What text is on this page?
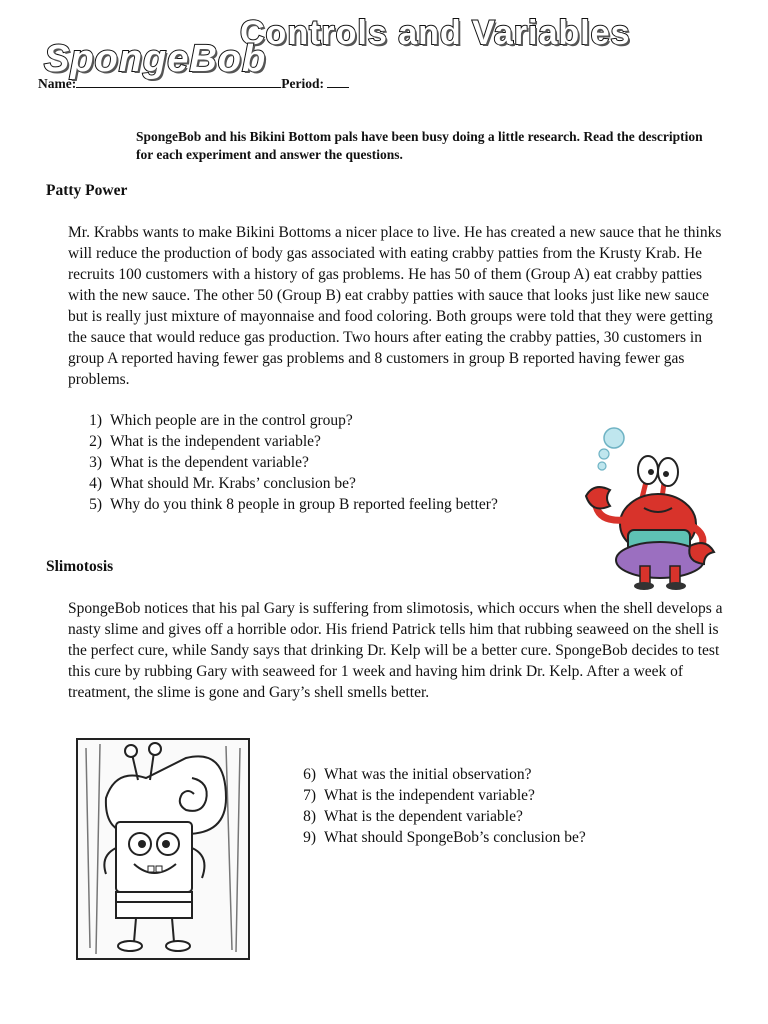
Controls and Variables
SpongeBob
Name:	Period:
SpongeBob and his Bikini Bottom pals have been busy doing a little research. Read the description for each experiment and answer the questions.
Patty Power
Mr. Krabbs wants to make Bikini Bottoms a nicer place to live. He has created a new sauce that he thinks will reduce the production of body gas associated with eating crabby patties from the Krusty Krab. He recruits 100 customers with a history of gas problems. He has 50 of them (Group A) eat crabby patties with the new sauce. The other 50 (Group B) eat crabby patties with sauce that looks just like new sauce but is really just mixture of mayonnaise and food coloring. Both groups were told that they were getting the sauce that would reduce gas production. Two hours after eating the crabby patties, 30 customers in group A reported having fewer gas problems and 8 customers in group B reported having fewer gas problems.
1) Which people are in the control group?
2) What is the independent variable?
3) What is the dependent variable?
4) What should Mr. Krabs’ conclusion be?
5) Why do you think 8 people in group B reported feeling better?
Slimotosis
SpongeBob notices that his pal Gary is suffering from slimotosis, which occurs when the shell develops a nasty slime and gives off a horrible odor. His friend Patrick tells him that rubbing seaweed on the shell is the perfect cure, while Sandy says that drinking Dr. Kelp will be a better cure. SpongeBob decides to test this cure by rubbing Gary with seaweed for 1 week and having him drink Dr. Kelp. After a week of treatment, the slime is gone and Gary’s shell smells better.
6) What was the initial observation?
7) What is the independent variable?
8) What is the dependent variable?
9) What should SpongeBob’s conclusion be?
